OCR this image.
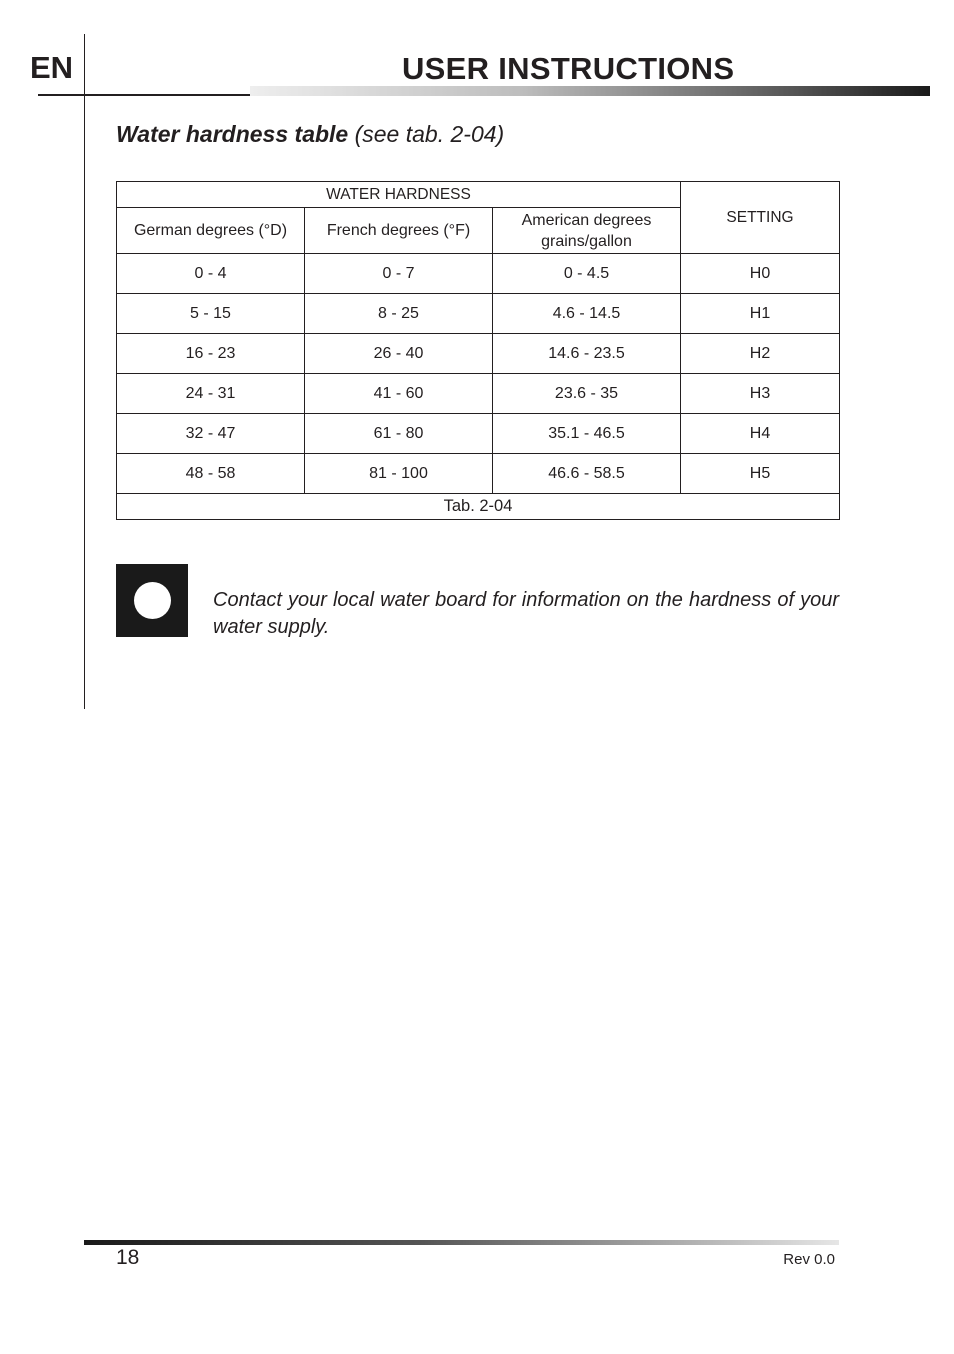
EN	USER INSTRUCTIONS
Water hardness table (see tab. 2-04)
WATER HARDNESS			SETTING
German degrees (°D)	French degrees (°F)	American degrees grains/gallon	
0 - 4	0 - 7	0 - 4.5	H0
5 - 15	8 - 25	4.6 - 14.5	H1
16 - 23	26 - 40	14.6 - 23.5	H2
24 - 31	41 - 60	23.6 - 35	H3
32 - 47	61 - 80	35.1 - 46.5	H4
48 - 58	81 - 100	46.6 - 58.5	H5
Tab. 2-04			
Contact your local water board for information on the hardness of your water supply.
18	Rev 0.0
